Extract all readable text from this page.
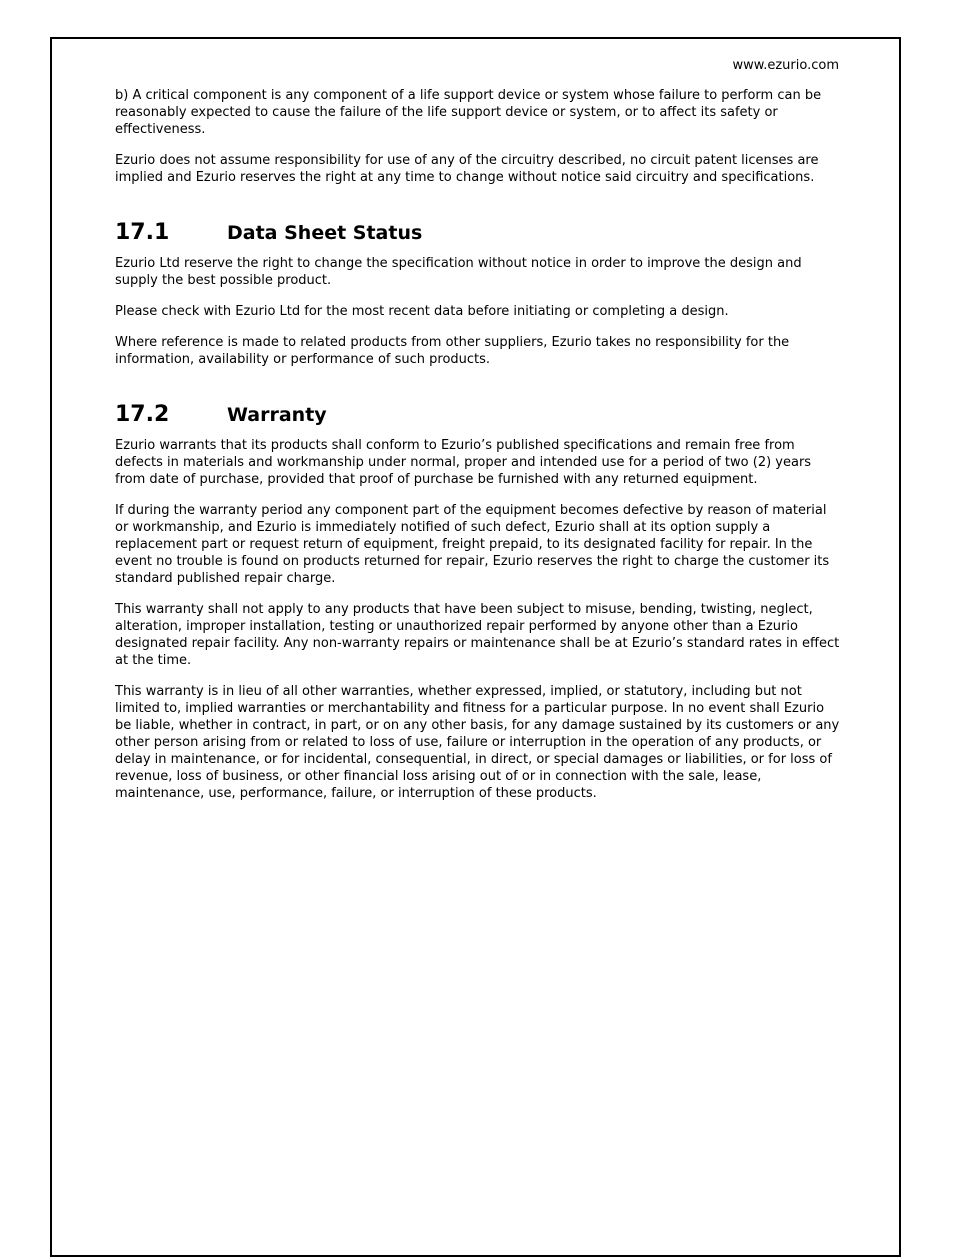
www.ezurio.com

b) A critical component is any component of a life support device or system whose failure to perform can be reasonably expected to cause the failure of the life support device or system, or to affect its safety or effectiveness.

Ezurio does not assume responsibility for use of any of the circuitry described, no circuit patent licenses are implied and Ezurio reserves the right at any time to change without notice said circuitry and specifications.

17.1	Data Sheet Status

Ezurio Ltd reserve the right to change the specification without notice in order to improve the design and supply the best possible product.

Please check with Ezurio Ltd for the most recent data before initiating or completing a design.

Where reference is made to related products from other suppliers, Ezurio takes no responsibility for the information, availability or performance of such products.

17.2	Warranty

Ezurio warrants that its products shall conform to Ezurio’s published specifications and remain free from defects in materials and workmanship under normal, proper and intended use for a period of two (2) years from date of purchase, provided that proof of purchase be furnished with any returned equipment.

If during the warranty period any component part of the equipment becomes defective by reason of material or workmanship, and Ezurio is immediately notified of such defect, Ezurio shall at its option supply a replacement part or request return of equipment, freight prepaid, to its designated facility for repair. In the event no trouble is found on products returned for repair, Ezurio reserves the right to charge the customer its standard published repair charge.

This warranty shall not apply to any products that have been subject to misuse, bending, twisting, neglect, alteration, improper installation, testing or unauthorized repair performed by anyone other than a Ezurio designated repair facility. Any non-warranty repairs or maintenance shall be at Ezurio’s standard rates in effect at the time.

This warranty is in lieu of all other warranties, whether expressed, implied, or statutory, including but not limited to, implied warranties or merchantability and fitness for a particular purpose. In no event shall Ezurio be liable, whether in contract, in part, or on any other basis, for any damage sustained by its customers or any other person arising from or related to loss of use, failure or interruption in the operation of any products, or delay in maintenance, or for incidental, consequential, in direct, or special damages or liabilities, or for loss of revenue, loss of business, or other financial loss arising out of or in connection with the sale, lease, maintenance, use, performance, failure, or interruption of these products.
